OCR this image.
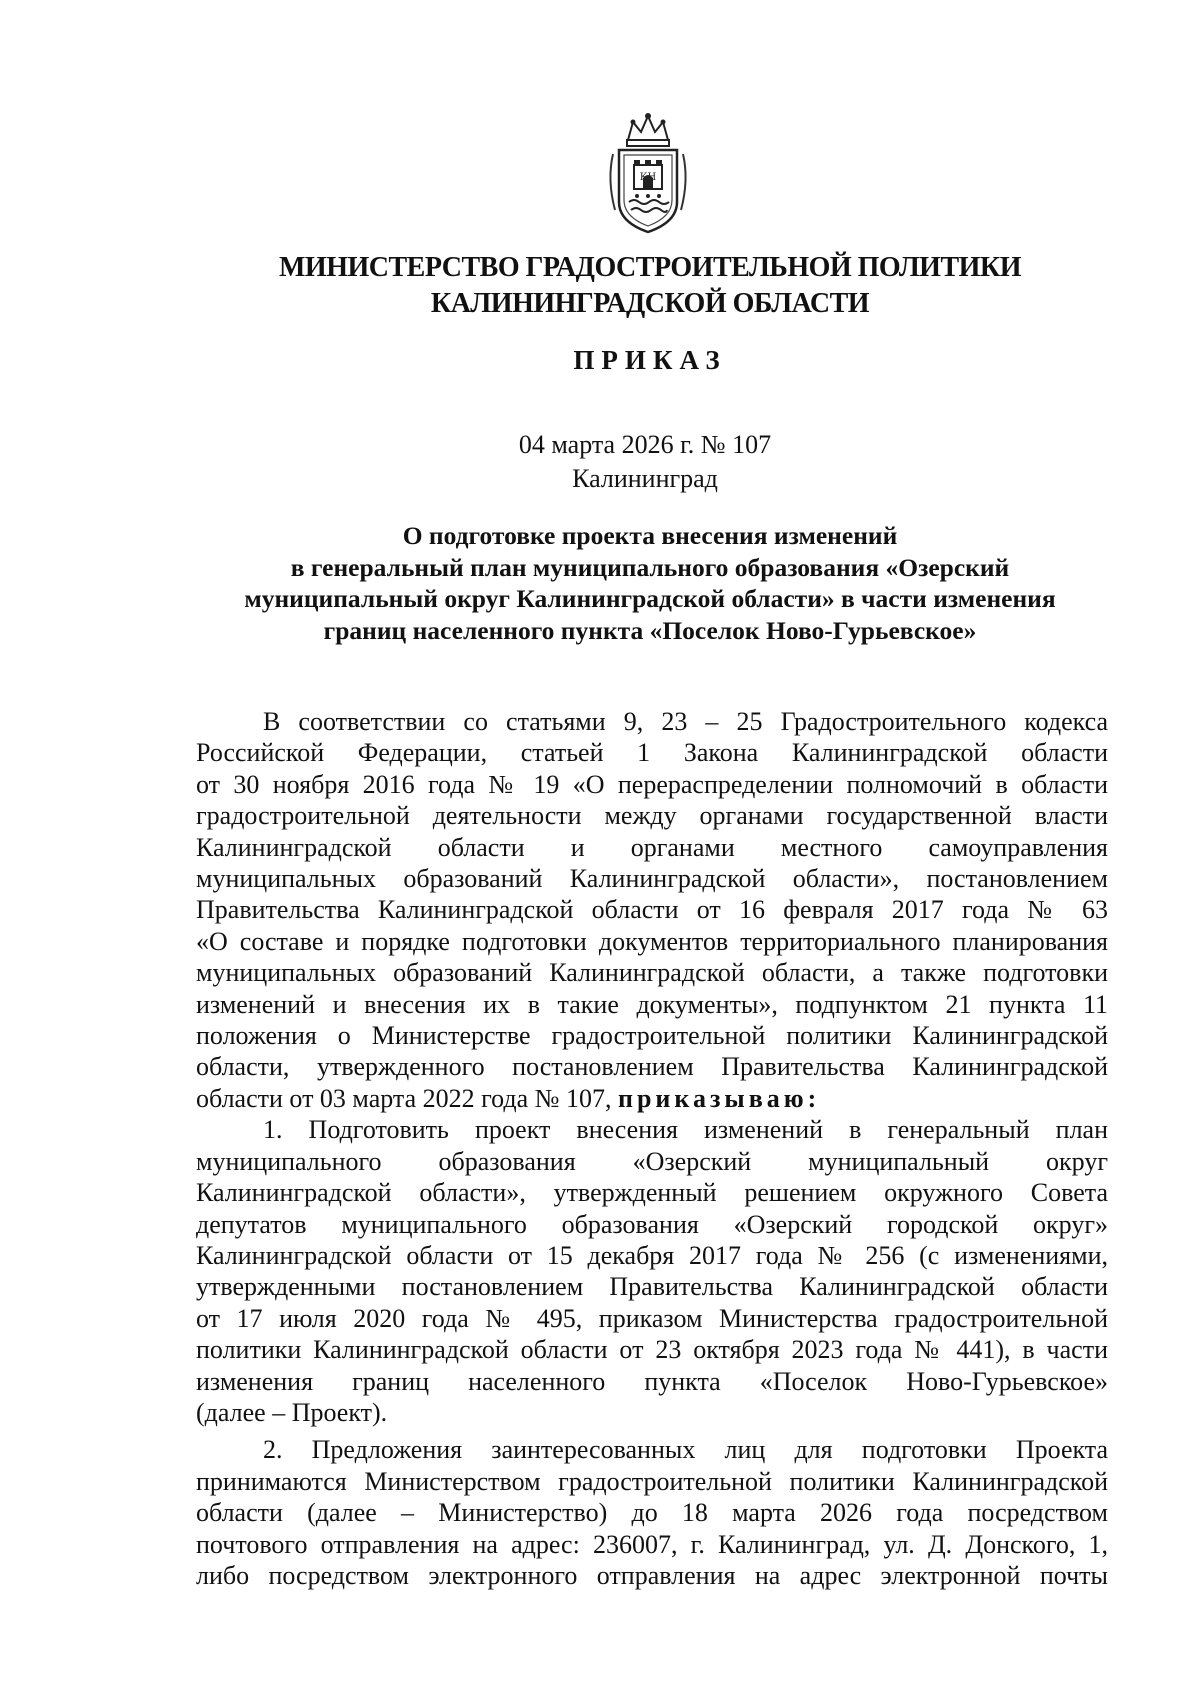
КН
МИНИСТЕРСТВО ГРАДОСТРОИТЕЛЬНОЙ ПОЛИТИКИ
КАЛИНИНГРАДСКОЙ ОБЛАСТИ
ПРИКАЗ
04 марта 2026 г. № 107
Калининград
О подготовке проекта внесения изменений
в генеральный план муниципального образования «Озерский
муниципальный округ Калининградской области» в части изменения
границ населенного пункта «Поселок Ново-Гурьевское»
В соответствии со статьями 9, 23 – 25 Градостроительного кодекса
Российской Федерации, статьей 1 Закона Калининградской области
от 30 ноября 2016 года № 19 «О перераспределении полномочий в области
градостроительной деятельности между органами государственной власти
Калининградской области и органами местного самоуправления
муниципальных образований Калининградской области», постановлением
Правительства Калининградской области от 16 февраля 2017 года № 63
«О составе и порядке подготовки документов территориального планирования
муниципальных образований Калининградской области, а также подготовки
изменений и внесения их в такие документы», подпунктом 21 пункта 11
положения о Министерстве градостроительной политики Калининградской
области, утвержденного постановлением Правительства Калининградской
области от 03 марта 2022 года № 107, приказываю:
1. Подготовить проект внесения изменений в генеральный план
муниципального образования «Озерский муниципальный округ
Калининградской области», утвержденный решением окружного Совета
депутатов муниципального образования «Озерский городской округ»
Калининградской области от 15 декабря 2017 года № 256 (с изменениями,
утвержденными постановлением Правительства Калининградской области
от 17 июля 2020 года № 495, приказом Министерства градостроительной
политики Калининградской области от 23 октября 2023 года № 441), в части
изменения границ населенного пункта «Поселок Ново-Гурьевское»
(далее – Проект).
2. Предложения заинтересованных лиц для подготовки Проекта
принимаются Министерством градостроительной политики Калининградской
области (далее – Министерство) до 18 марта 2026 года посредством
почтового отправления на адрес: 236007, г. Калининград, ул. Д. Донского, 1,
либо посредством электронного отправления на адрес электронной почты
